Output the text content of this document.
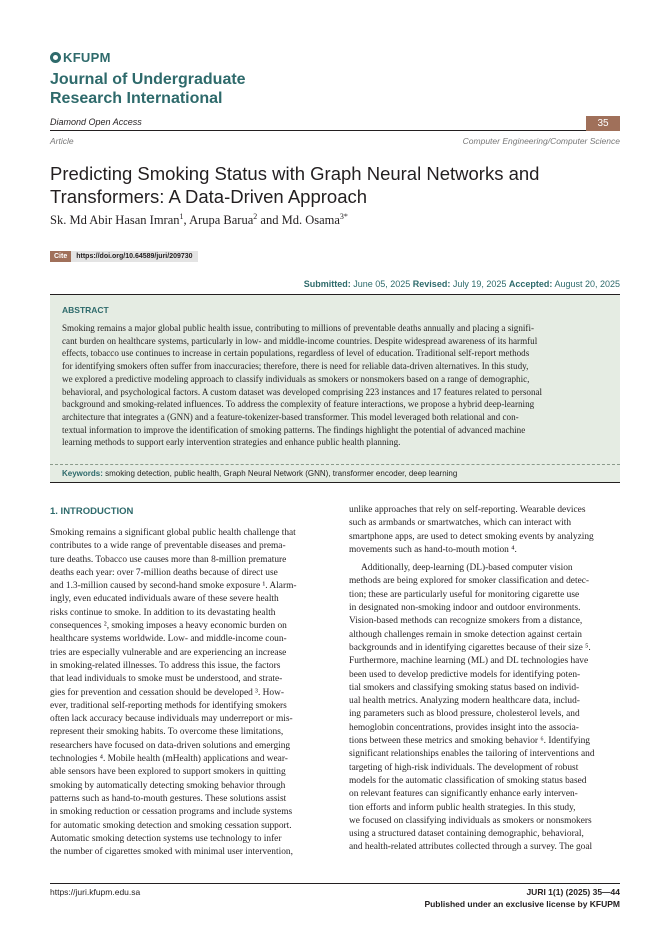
KFUPM
Journal of Undergraduate
Research International
Diamond Open Access	35
Article	Computer Engineering/Computer Science
Predicting Smoking Status with Graph Neural Networks and
Transformers: A Data-Driven Approach
Sk. Md Abir Hasan Imran$^1$, Arupa Barua$^2$ and Md. Osama$^{3*}$
Cite	https://doi.org/10.64589/juri/209730
Submitted: June 05, 2025 Revised: July 19, 2025 Accepted: August 20, 2025
ABSTRACT
Smoking remains a major global public health issue, contributing to millions of preventable deaths annually and placing a signifi-
cant burden on healthcare systems, particularly in low- and middle-income countries. Despite widespread awareness of its harmful
effects, tobacco use continues to increase in certain populations, regardless of level of education. Traditional self-report methods
for identifying smokers often suffer from inaccuracies; therefore, there is need for reliable data-driven alternatives. In this study,
we explored a predictive modeling approach to classify individuals as smokers or nonsmokers based on a range of demographic,
behavioral, and psychological factors. A custom dataset was developed comprising 223 instances and 17 features related to personal
background and smoking-related influences. To address the complexity of feature interactions, we propose a hybrid deep-learning
architecture that integrates a (GNN) and a feature-tokenizer-based transformer. This model leveraged both relational and con-
textual information to improve the identification of smoking patterns. The findings highlight the potential of advanced machine
learning methods to support early intervention strategies and enhance public health planning.
Keywords: smoking detection, public health, Graph Neural Network (GNN), transformer encoder, deep learning
1. INTRODUCTION
Smoking remains a significant global public health challenge that
contributes to a wide range of preventable diseases and prema-
ture deaths. Tobacco use causes more than 8-million premature
deaths each year: over 7-million deaths because of direct use
and 1.3-million caused by second-hand smoke exposure ¹. Alarm-
ingly, even educated individuals aware of these severe health
risks continue to smoke. In addition to its devastating health
consequences ², smoking imposes a heavy economic burden on
healthcare systems worldwide. Low- and middle-income coun-
tries are especially vulnerable and are experiencing an increase
in smoking-related illnesses. To address this issue, the factors
that lead individuals to smoke must be understood, and strate-
gies for prevention and cessation should be developed ³. How-
ever, traditional self-reporting methods for identifying smokers
often lack accuracy because individuals may underreport or mis-
represent their smoking habits. To overcome these limitations,
researchers have focused on data-driven solutions and emerging
technologies ⁴. Mobile health (mHealth) applications and wear-
able sensors have been explored to support smokers in quitting
smoking by automatically detecting smoking behavior through
patterns such as hand-to-mouth gestures. These solutions assist
in smoking reduction or cessation programs and include systems
for automatic smoking detection and smoking cessation support.
Automatic smoking detection systems use technology to infer
the number of cigarettes smoked with minimal user intervention,
unlike approaches that rely on self-reporting. Wearable devices
such as armbands or smartwatches, which can interact with
smartphone apps, are used to detect smoking events by analyzing
movements such as hand-to-mouth motion ⁴.
Additionally, deep-learning (DL)-based computer vision
methods are being explored for smoker classification and detec-
tion; these are particularly useful for monitoring cigarette use
in designated non-smoking indoor and outdoor environments.
Vision-based methods can recognize smokers from a distance,
although challenges remain in smoke detection against certain
backgrounds and in identifying cigarettes because of their size ⁵.
Furthermore, machine learning (ML) and DL technologies have
been used to develop predictive models for identifying poten-
tial smokers and classifying smoking status based on individ-
ual health metrics. Analyzing modern healthcare data, includ-
ing parameters such as blood pressure, cholesterol levels, and
hemoglobin concentrations, provides insight into the associa-
tions between these metrics and smoking behavior ⁶. Identifying
significant relationships enables the tailoring of interventions and
targeting of high-risk individuals. The development of robust
models for the automatic classification of smoking status based
on relevant features can significantly enhance early interven-
tion efforts and inform public health strategies. In this study,
we focused on classifying individuals as smokers or nonsmokers
using a structured dataset containing demographic, behavioral,
and health-related attributes collected through a survey. The goal
https://juri.kfupm.edu.sa	JURI 1(1) (2025) 35—44
Published under an exclusive license by KFUPM
